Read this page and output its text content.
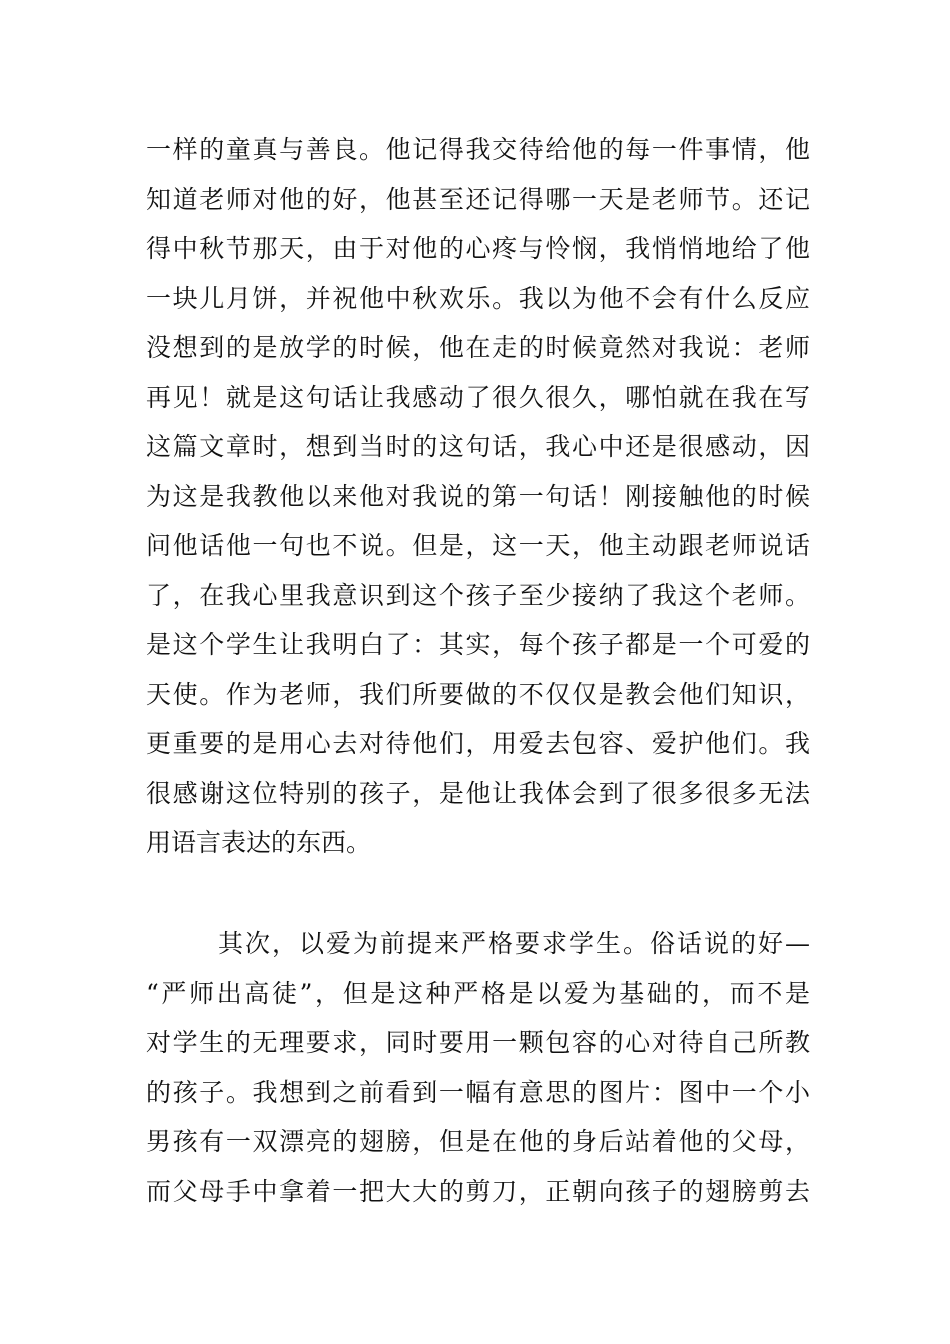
一样的童真与善良。他记得我交待给他的每一件事情，他
知道老师对他的好，他甚至还记得哪一天是老师节。还记
得中秋节那天，由于对他的心疼与怜悯，我悄悄地给了他
一块儿月饼，并祝他中秋欢乐。我以为他不会有什么反应
没想到的是放学的时候，他在走的时候竟然对我说：老师
再见！就是这句话让我感动了很久很久，哪怕就在我在写
这篇文章时，想到当时的这句话，我心中还是很感动，因
为这是我教他以来他对我说的第一句话！刚接触他的时候
问他话他一句也不说。但是，这一天，他主动跟老师说话
了，在我心里我意识到这个孩子至少接纳了我这个老师。
是这个学生让我明白了：其实，每个孩子都是一个可爱的
天使。作为老师，我们所要做的不仅仅是教会他们知识，
更重要的是用心去对待他们，用爱去包容、爱护他们。我
很感谢这位特别的孩子，是他让我体会到了很多很多无法
用语言表达的东西。
其次，以爱为前提来严格要求学生。俗话说的好—
“严师出高徒”，但是这种严格是以爱为基础的，而不是
对学生的无理要求，同时要用一颗包容的心对待自己所教
的孩子。我想到之前看到一幅有意思的图片：图中一个小
男孩有一双漂亮的翅膀，但是在他的身后站着他的父母，
而父母手中拿着一把大大的剪刀，正朝向孩子的翅膀剪去
